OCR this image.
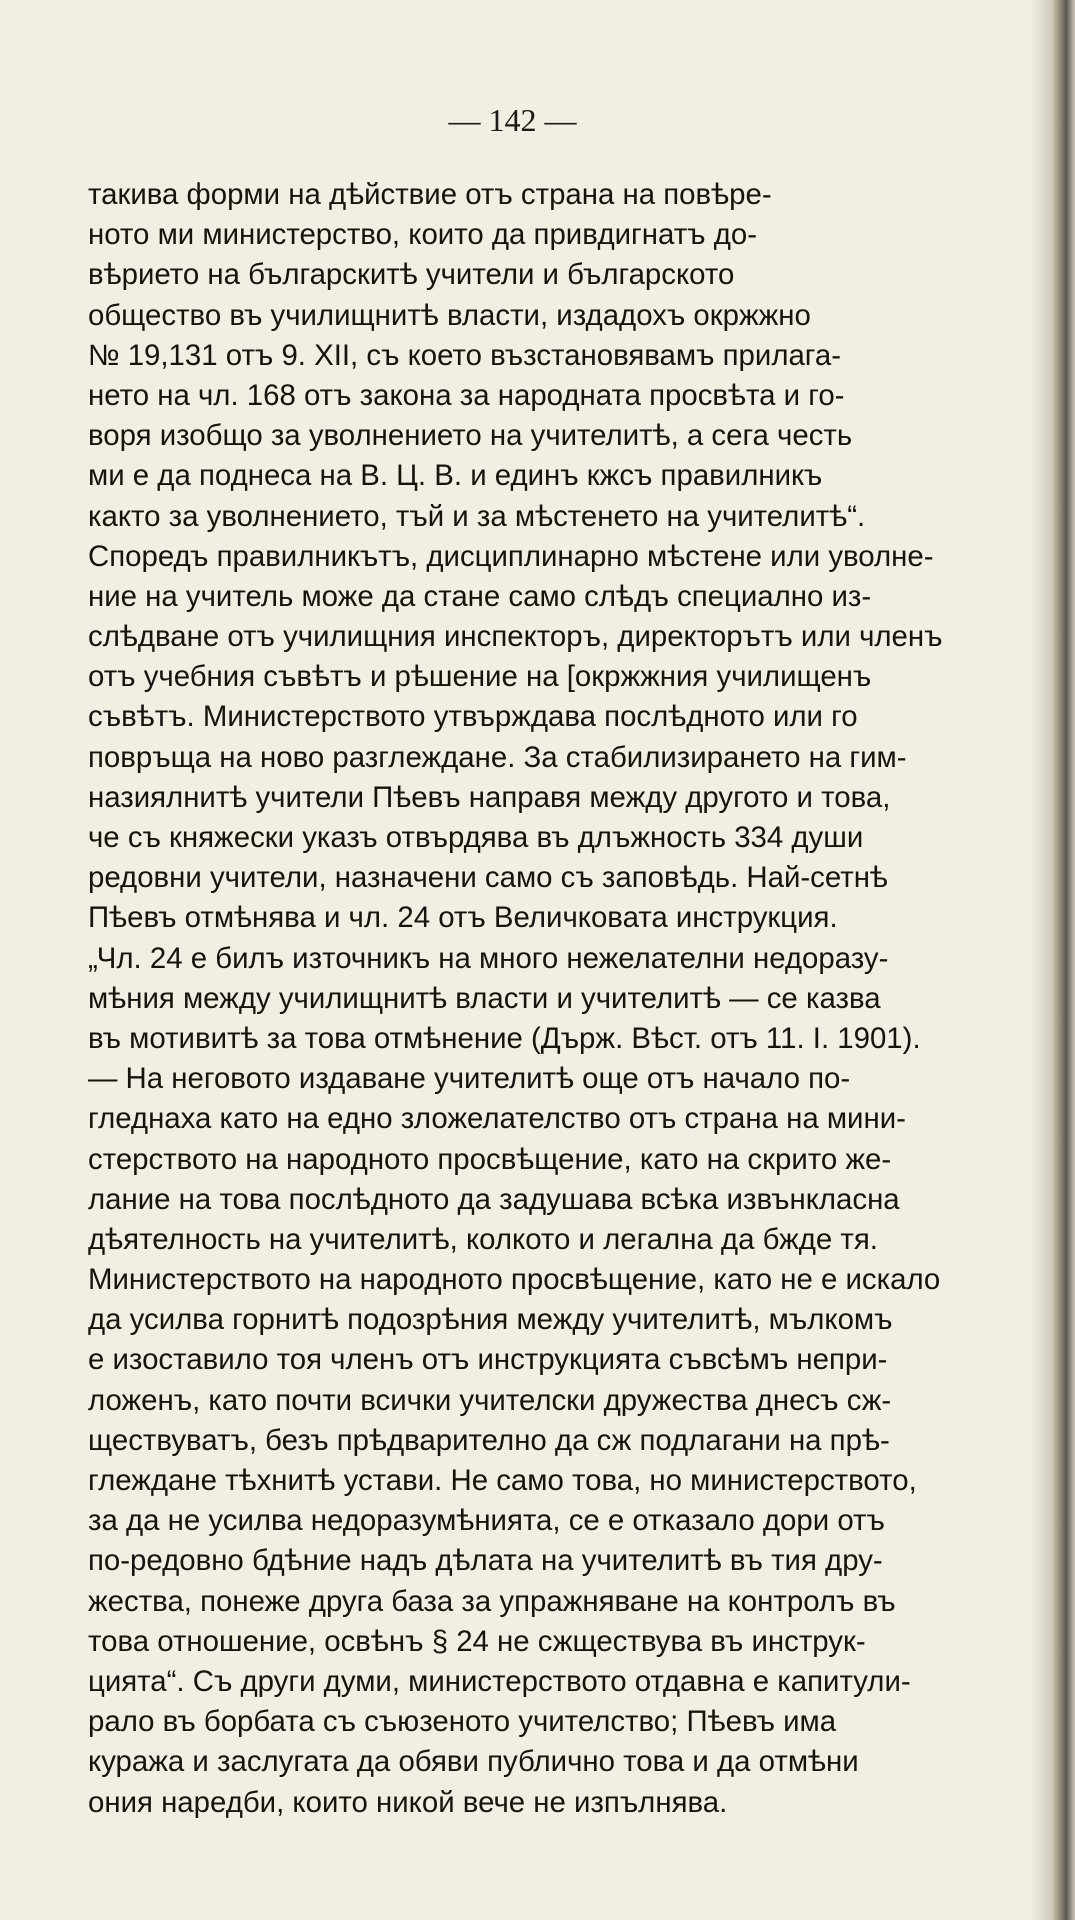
— 142 —
такива форми на дѣйствие отъ страна на повѣре-
ното ми министерство, които да привдигнатъ до-
вѣрието на българскитѣ учители и българското
общество въ училищнитѣ власти, издадохъ окржжно
№ 19,131 отъ 9. XII, съ което възстановявамъ прилага-
нето на чл. 168 отъ закона за народната просвѣта и го-
воря изобщо за уволнението на учителитѣ, а сега честь
ми е да поднеса на В. Ц. В. и единъ кжсъ правилникъ
както за уволнението, тъй и за мѣстенето на учителитѣ“.
Споредъ правилникътъ, дисциплинарно мѣстене или уволне-
ние на учитель може да стане само слѣдъ специално из-
слѣдване отъ училищния инспекторъ, директорътъ или членъ
отъ учебния съвѣтъ и рѣшение на [окржжния училищенъ
съвѣтъ. Министерството утвърждава послѣдното или го
повръща на ново разглеждане. За стабилизирането на гим-
назиялнитѣ учители Пѣевъ направя между другото и това,
че съ княжески указъ отвърдява въ длъжность 334 души
редовни учители, назначени само съ заповѣдь. Най-сетнѣ
Пѣевъ отмѣнява и чл. 24 отъ Величковата инструкция.
„Чл. 24 е билъ източникъ на много нежелателни недоразу-
мѣния между училищнитѣ власти и учителитѣ — се казва
въ мотивитѣ за това отмѣнение (Държ. Вѣст. отъ 11. I. 1901).
— На неговото издаване учителитѣ още отъ начало по-
гледнаха като на едно зложелателство отъ страна на мини-
стерството на народното просвѣщение, като на скрито же-
лание на това послѣдното да задушава всѣка извънкласна
дѣятелность на учителитѣ, колкото и легална да бжде тя.
Министерството на народното просвѣщение, като не е искало
да усилва горнитѣ подозрѣния между учителитѣ, мълкомъ
е изоставило тоя членъ отъ инструкцията съвсѣмъ непри-
ложенъ, като почти всички учителски дружества днесъ сж-
ществуватъ, безъ прѣдварително да сж подлагани на прѣ-
глеждане тѣхнитѣ устави. Не само това, но министерството,
за да не усилва недоразумѣнията, се е отказало дори отъ
по-редовно бдѣние надъ дѣлата на учителитѣ въ тия дру-
жества, понеже друга база за упражняване на контролъ въ
това отношение, освѣнъ § 24 не сжществува въ инструк-
цията“. Съ други думи, министерството отдавна е капитули-
рало въ борбата съ съюзеното учителство; Пѣевъ има
куража и заслугата да обяви публично това и да отмѣни
ония наредби, които никой вече не изпълнява.
